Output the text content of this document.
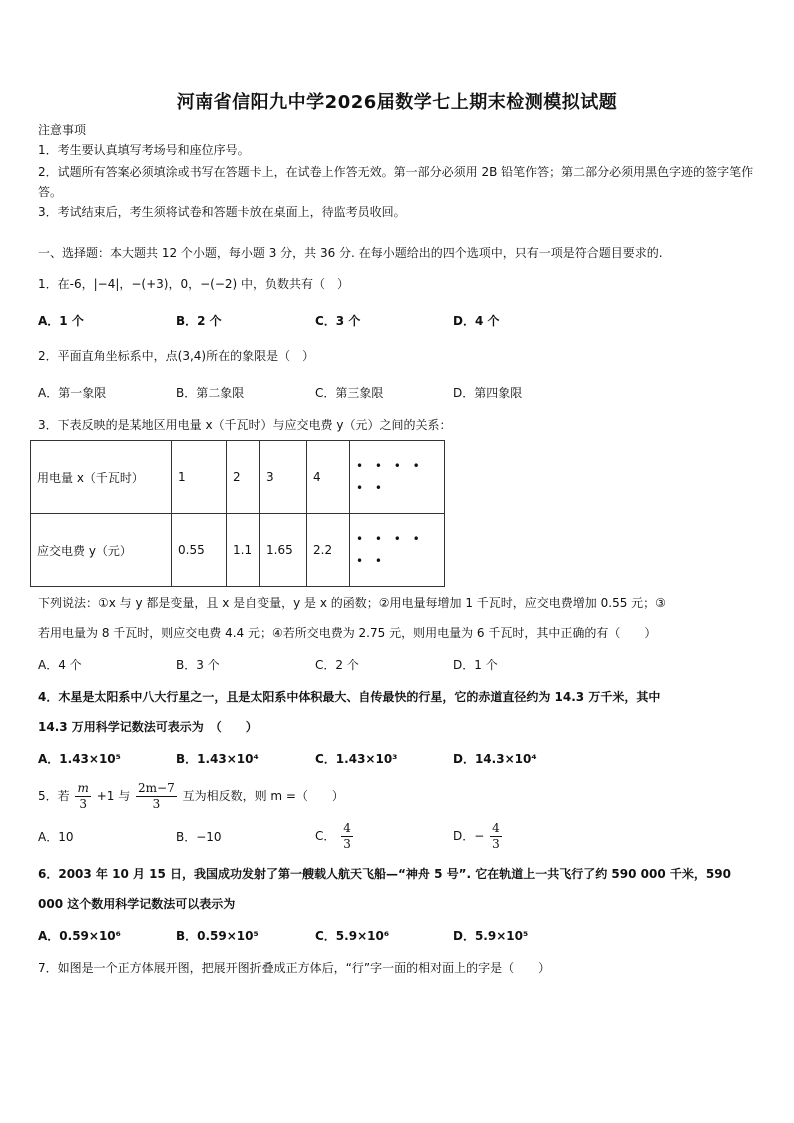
河南省信阳九中学2026届数学七上期末检测模拟试题
注意事项
1．考生要认真填写考场号和座位序号。
2．试题所有答案必须填涂或书写在答题卡上，在试卷上作答无效。第一部分必须用 2B 铅笔作答；第二部分必须用黑色字迹的签字笔作答。
3．考试结束后，考生须将试卷和答题卡放在桌面上，待监考员收回。
一、选择题：本大题共 12 个小题，每小题 3 分，共 36 分. 在每小题给出的四个选项中，只有一项是符合题目要求的.
1．在-6，|−4|，−(+3)，0，−(−2) 中，负数共有（　）
A．1 个	B．2 个	C．3 个	D．4 个
2．平面直角坐标系中，点(3,4)所在的象限是（　）
A．第一象限	B．第二象限	C．第三象限	D．第四象限
3．下表反映的是某地区用电量 x（千瓦时）与应交电费 y（元）之间的关系：
用电量 x（千瓦时）	1	2	3	4	• • • • • •
应交电费 y（元）	0.55	1.1	1.65	2.2	• • • • • •
下列说法：①x 与 y 都是变量，且 x 是自变量，y 是 x 的函数；②用电量每增加 1 千瓦时，应交电费增加 0.55 元；③
若用电量为 8 千瓦时，则应交电费 4.4 元；④若所交电费为 2.75 元，则用电量为 6 千瓦时，其中正确的有（　　）
A．4 个	B．3 个	C．2 个	D．1 个
4．木星是太阳系中八大行星之一，且是太阳系中体积最大、自传最快的行星，它的赤道直径约为 14.3 万千米，其中
14.3 万用科学记数法可表示为　（　　）
A．1.43×10⁵	B．1.43×10⁴	C．1.43×10³	D．14.3×10⁴
5．若 $\frac{m}{3} +1$ 与 $\frac{2m-7}{3}$ 互为相反数，则 m =（　　）
A．10	B．−10	C． $\frac{4}{3}$	D．− $\frac{4}{3}$
6．2003 年 10 月 15 日，我国成功发射了第一艘载人航天飞船—“神舟 5 号”. 它在轨道上一共飞行了约 590 000 千米，590
000 这个数用科学记数法可以表示为
A．0.59×10⁶	B．0.59×10⁵	C．5.9×10⁶	D．5.9×10⁵
7．如图是一个正方体展开图，把展开图折叠成正方体后，“行”字一面的相对面上的字是（　　）
